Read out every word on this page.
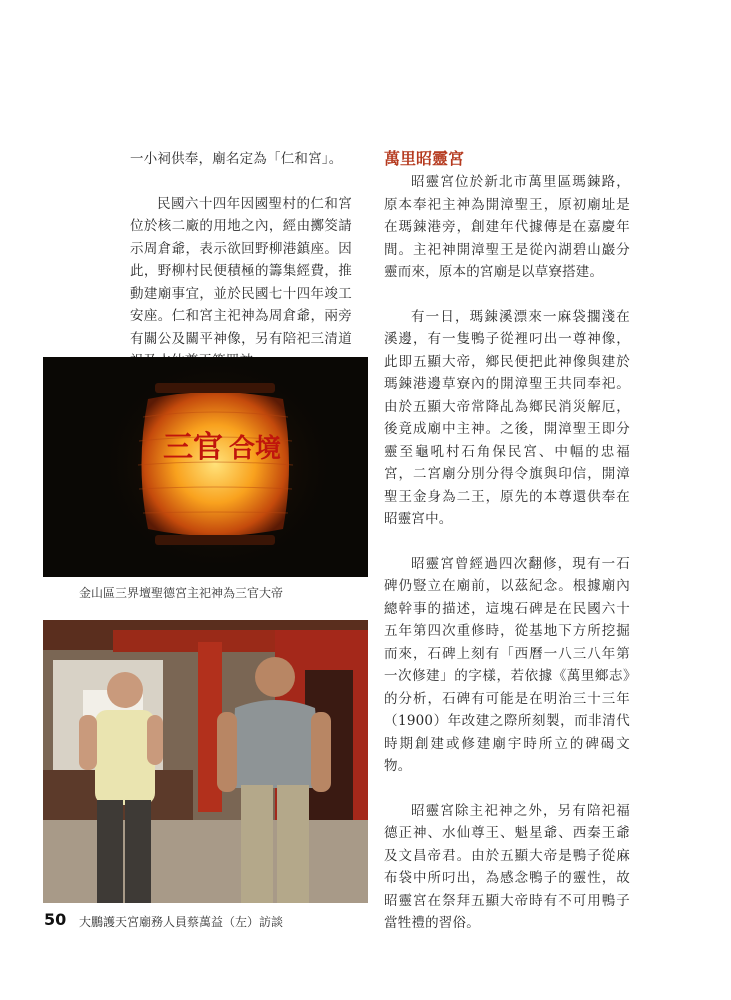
一小祠供奉，廟名定為「仁和宮」。

民國六十四年因國聖村的仁和宮位於核二廠的用地之內，經由擲筊請示周倉爺，表示欲回野柳港鎮座。因此，野柳村民便積極的籌集經費，推動建廟事宜，並於民國七十四年竣工安座。仁和宮主祀神為周倉爺，兩旁有關公及關平神像，另有陪祀三清道

三官 合境
金山區三界壇聖德宮主祀神為三官大帝
大鵬護天宮廟務人員蔡萬益（左）訪談
50
萬里昭靈宮

昭靈宮位於新北市萬里區瑪鋉路，原本奉祀主神為開漳聖王，原初廟址是在瑪鋉港旁，創建年代據傳是在嘉慶年間。主祀神開漳聖王是從內湖碧山巖分靈而來，原本的宮廟是以草寮搭建。

有一日，瑪鋉溪漂來一麻袋擱淺在溪邊，有一隻鴨子從裡叼出一尊神像，此即五顯大帝，鄉民便把此神像與建於瑪鋉港邊草寮內的開漳聖王共同奉祀。由於五顯大帝常降乩為鄉民消災解厄，後竟成廟中主神。之後，開漳聖王即分靈至龜吼村石角保民宮、中幅的忠福宮，二宮廟分別分得令旗與印信，開漳聖王金身為二王，原先的本尊還供奉在昭靈宮中。

昭靈宮曾經過四次翻修，現有一石碑仍豎立在廟前，以茲紀念。根據廟內總幹事的描述，這塊石碑是在民國六十五年第四次重修時，從基地下方所挖掘而來，石碑上刻有「西曆一八三八年第一次修建」的字樣，若依據《萬里鄉志》的分析，石碑有可能是在明治三十三年（1900）年改建之際所刻製，而非清代時期創建或修建廟宇時所立的碑碣文物。

昭靈宮除主祀神之外，另有陪祀福德正神、水仙尊王、魁星爺、西秦王爺及文昌帝君。由於五顯大帝是鴨子從麻布袋中所叼出，為感念鴨子的靈性，故昭靈宮在祭拜五顯大帝時有不可用鴨子當牲禮的習俗。
